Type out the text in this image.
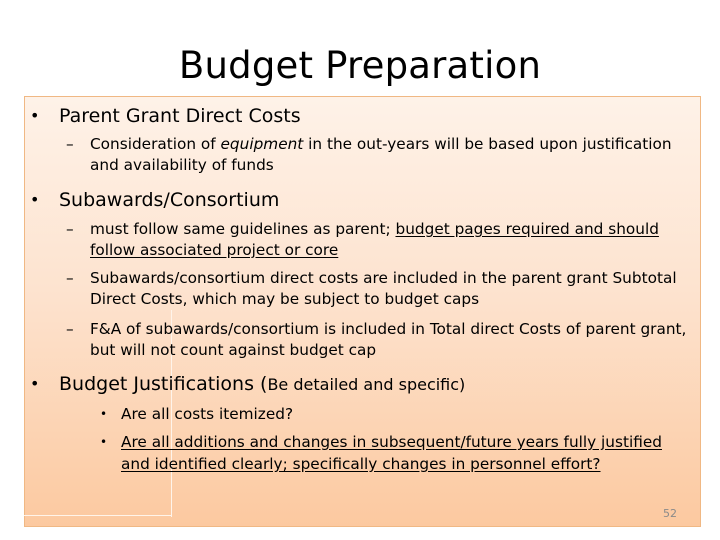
Budget Preparation
• Parent Grant Direct Costs
– Consideration of equipment in the out-years will be based upon justification
and availability of funds
• Subawards/Consortium
– must follow same guidelines as parent; budget pages required and should
follow associated project or core
– Subawards/consortium direct costs are included in the parent grant Subtotal
Direct Costs, which may be subject to budget caps
– F&A of subawards/consortium is included in Total direct Costs of parent grant,
but will not count against budget cap
• Budget Justifications (Be detailed and specific)
• Are all costs itemized?
• Are all additions and changes in subsequent/future years fully justified
and identified clearly; specifically changes in personnel effort?
52
